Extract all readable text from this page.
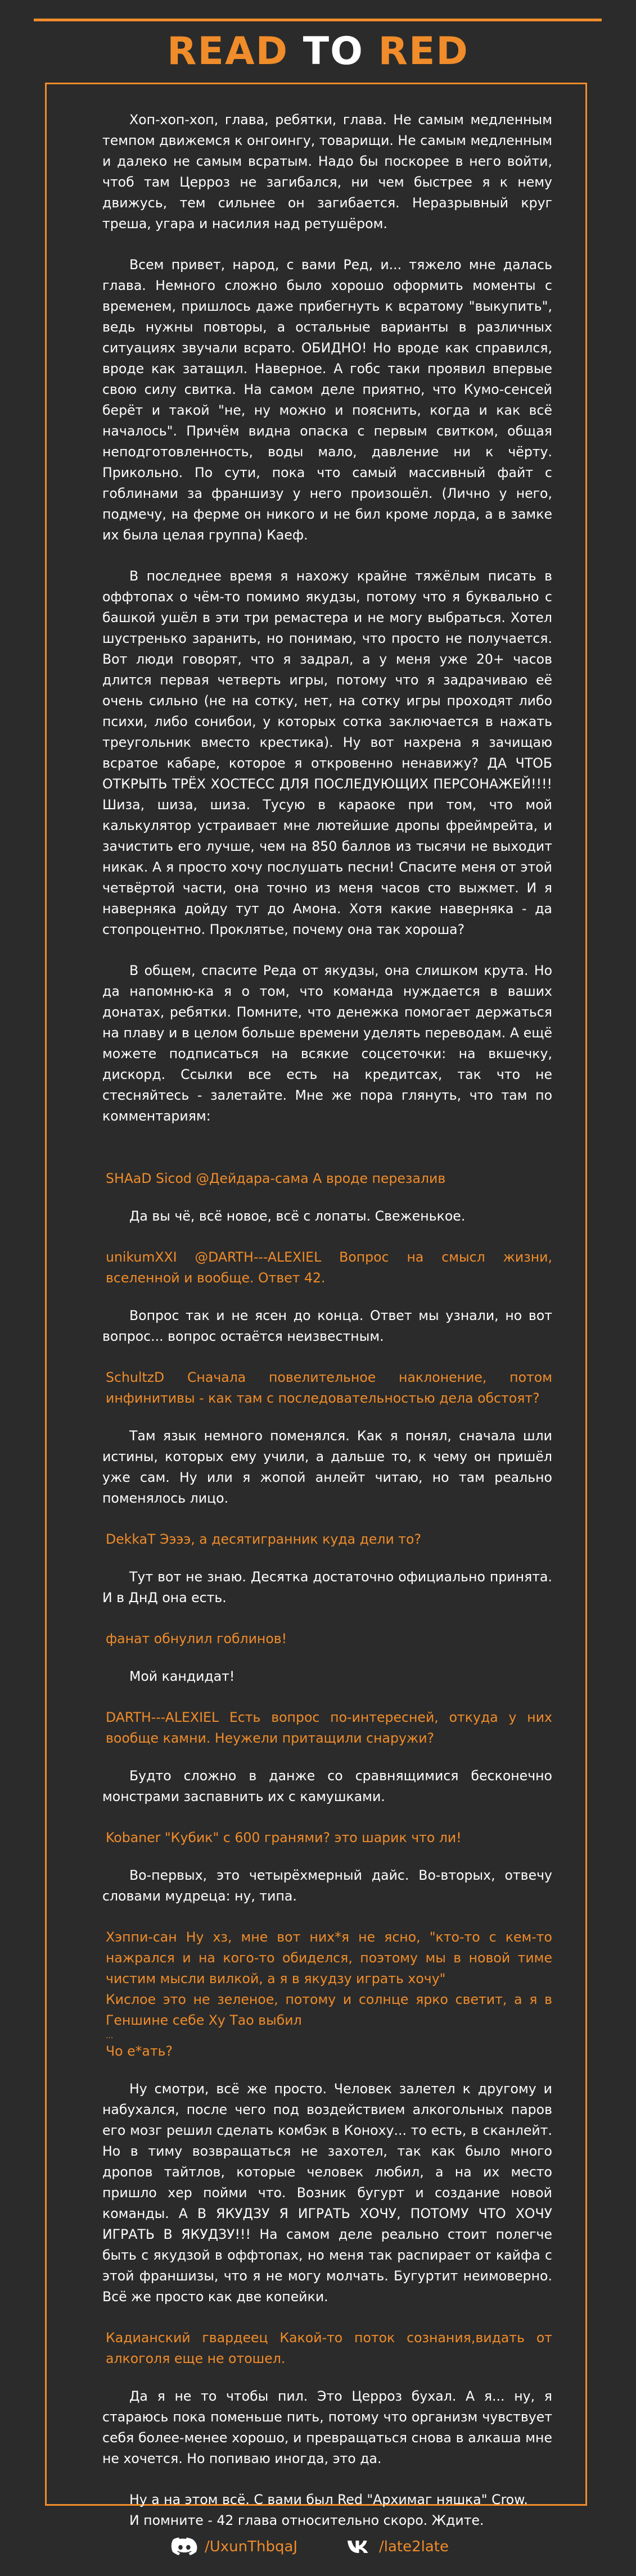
READ TO RED

Хоп-хоп-хоп, глава, ребятки, глава. Не самым медленным темпом движемся к онгоингу, товарищи. Не самым медленным и далеко не самым всратым. Надо бы поскорее в него войти, чтоб там Церроз не загибался, ни чем быстрее я к нему движусь, тем сильнее он загибается. Неразрывный круг треша, угара и насилия над ретушёром.

Всем привет, народ, с вами Ред, и... тяжело мне далась глава. Немного сложно было хорошо оформить моменты с временем, пришлось даже прибегнуть к всратому "выкупить", ведь нужны повторы, а остальные варианты в различных ситуациях звучали всрато. ОБИДНО! Но вроде как справился, вроде как затащил. Наверное. А гобс таки проявил впервые свою силу свитка. На самом деле приятно, что Кумо-сенсей берёт и такой "не, ну можно и пояснить, когда и как всё началось". Причём видна опаска с первым свитком, общая неподготовленность, воды мало, давление ни к чёрту. Прикольно. По сути, пока что самый массивный файт с гоблинами за франшизу у него произошёл. (Лично у него, подмечу, на ферме он никого и не бил кроме лорда, а в замке их была целая группа) Каеф.

В последнее время я нахожу крайне тяжёлым писать в оффтопах о чём-то помимо якудзы, потому что я буквально с башкой ушёл в эти три ремастера и не могу выбраться. Хотел шустренько заранить, но понимаю, что просто не получается. Вот люди говорят, что я задрал, а у меня уже 20+ часов длится первая четверть игры, потому что я задрачиваю её очень сильно (не на сотку, нет, на сотку игры проходят либо психи, либо сонибои, у которых сотка заключается в нажать треугольник вместо крестика). Ну вот нахрена я зачищаю всратое кабаре, которое я откровенно ненавижу? ДА ЧТОБ ОТКРЫТЬ ТРЁХ ХОСТЕСС ДЛЯ ПОСЛЕДУЮЩИХ ПЕРСОНАЖЕЙ!!!! Шиза, шиза, шиза. Тусую в караоке при том, что мой калькулятор устраивает мне лютейшие дропы фреймрейта, и зачистить его лучше, чем на 850 баллов из тысячи не выходит никак. А я просто хочу послушать песни! Спасите меня от этой четвёртой части, она точно из меня часов сто выжмет. И я наверняка дойду тут до Амона. Хотя какие наверняка - да стопроцентно. Проклятье, почему она так хороша?

В общем, спасите Реда от якудзы, она слишком крута. Но да напомню-ка я о том, что команда нуждается в ваших донатах, ребятки. Помните, что денежка помогает держаться на плаву и в целом больше времени уделять переводам. А ещё можете подписаться на всякие соцсеточки: на вкшечку, дискорд. Ссылки все есть на кредитсах, так что не стесняйтесь - залетайте. Мне же пора глянуть, что там по комментариям:

SHAaD Sicod @Дейдара-сама А вроде перезалив

Да вы чё, всё новое, всё с лопаты. Свеженькое.

unikumXXI @DARTH---ALEXIEL Вопрос на смысл жизни, вселенной и вообще. Ответ 42.

Вопрос так и не ясен до конца. Ответ мы узнали, но вот вопрос... вопрос остаётся неизвестным.

SchultzD Сначала повелительное наклонение, потом инфинитивы - как там с последовательностью дела обстоят?

Там язык немного поменялся. Как я понял, сначала шли истины, которых ему учили, а дальше то, к чему он пришёл уже сам. Ну или я жопой анлейт читаю, но там реально поменялось лицо.

DekkaT Ээээ, а десятигранник куда дели то?

Тут вот не знаю. Десятка достаточно официально принята. И в ДнД она есть.

фанат обнулил гоблинов!

Мой кандидат!

DARTH---ALEXIEL Есть вопрос по-интересней, откуда у них вообще камни. Неужели притащили снаружи?

Будто сложно в данже со сравнящимися бесконечно монстрами заспавнить их с камушками.

Kobaner "Кубик" с 600 гранями? это шарик что ли!

Во-первых, это четырёхмерный дайс. Во-вторых, отвечу словами мудреца: ну, типа.

Хэппи-сан Ну хз, мне вот них*я не ясно, "кто-то с кем-то нажрался и на кого-то обиделся, поэтому мы в новой тиме чистим мысли вилкой, а я в якудзу играть хочу"

Кислое это не зеленое, потому и солнце ярко светит, а я в Геншине себе Ху Тао выбил

...

Чо е*ать?

Ну смотри, всё же просто. Человек залетел к другому и набухался, после чего под воздействием алкогольных паров его мозг решил сделать комбэк в Коноху... то есть, в сканлейт. Но в тиму возвращаться не захотел, так как было много дропов тайтлов, которые человек любил, а на их место пришло хер пойми что. Возник бугурт и создание новой команды. А В ЯКУДЗУ Я ИГРАТЬ ХОЧУ, ПОТОМУ ЧТО ХОЧУ ИГРАТЬ В ЯКУДЗУ!!! На самом деле реально стоит полегче быть с якудзой в оффтопах, но меня так распирает от кайфа с этой франшизы, что я не могу молчать. Бугуртит неимоверно. Всё же просто как две копейки.

Кадианский гвардеец Какой-то поток сознания,видать от алкоголя еще не отошел.

Да я не то чтобы пил. Это Церроз бухал. А я... ну, я стараюсь пока поменьше пить, потому что организм чувствует себя более-менее хорошо, и превращаться снова в алкаша мне не хочется. Но попиваю иногда, это да.

Ну а на этом всё. С вами был Red "Архимаг няшка" Crow.

И помните - 42 глава относительно скоро. Ждите.

/UxunThbqaJ	/late2late
